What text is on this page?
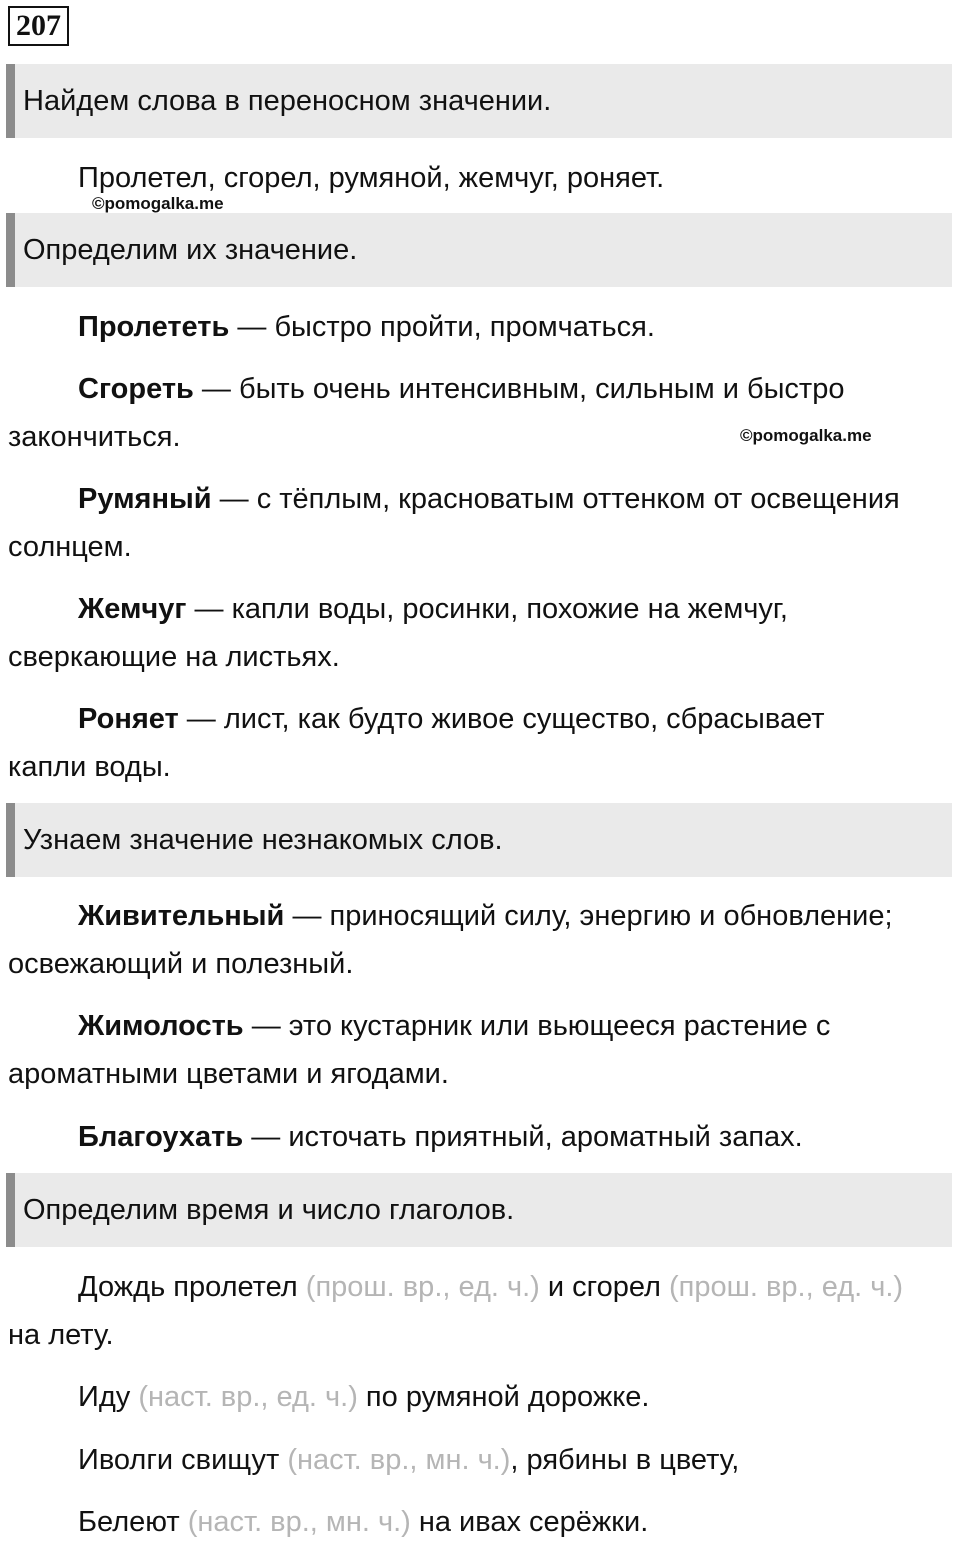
207
Найдем слова в переносном значении.

Пролетел, сгорел, румяной, жемчуг, роняет.

©pomogalka.me
Определим их значение.

Пролететь — быстро пройти, промчаться.

Сгореть — быть очень интенсивным, сильным и быстро закончиться.	©pomogalka.me

Румяный — с тёплым, красноватым оттенком от освещения солнцем.

Жемчуг — капли воды, росинки, похожие на жемчуг, сверкающие на листьях.

Роняет — лист, как будто живое существо, сбрасывает капли воды.

Узнаем значение незнакомых слов.

Живительный — приносящий силу, энергию и обновление; освежающий и полезный.

Жимолость — это кустарник или вьющееся растение с ароматными цветами и ягодами.

Благоухать — источать приятный, ароматный запах.

Определим время и число глаголов.

Дождь пролетел (прош. вр., ед. ч.) и сгорел (прош. вр., ед. ч.) на лету.

Иду (наст. вр., ед. ч.) по румяной дорожке.

Иволги свищут (наст. вр., мн. ч.), рябины в цвету,

Белеют (наст. вр., мн. ч.) на ивах серёжки.
